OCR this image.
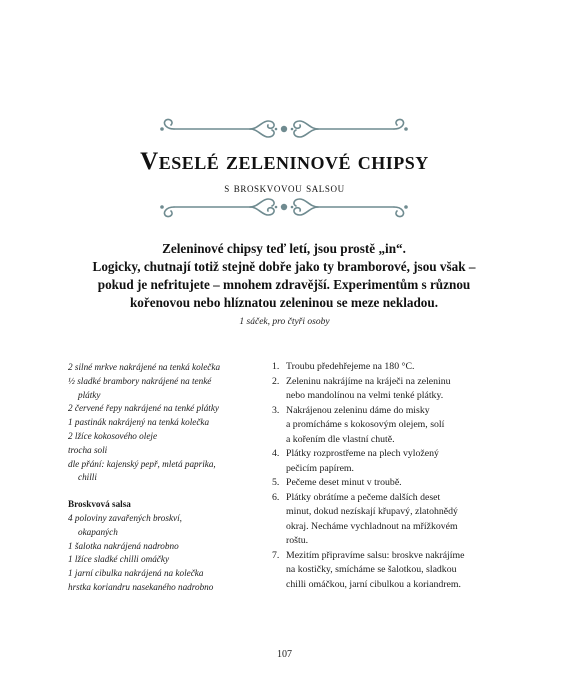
Veselé zeleninové chipsy
s broskvovou salsou
Zeleninové chipsy teď letí, jsou prostě „in“.
Logicky, chutnají totiž stejně dobře jako ty bramborové, jsou však –
pokud je nefritujete – mnohem zdravější. Experimentům s různou
kořenovou nebo hlíznatou zeleninou se meze nekladou.
1 sáček, pro čtyři osoby
2 silné mrkve nakrájené na tenká kolečka
½ sladké brambory nakrájené na tenké
plátky
2 červené řepy nakrájené na tenké plátky
1 pastinák nakrájený na tenká kolečka
2 lžíce kokosového oleje
trocha soli
dle přání: kajenský pepř, mletá paprika,
chilli
Broskvová salsa
4 poloviny zavařených broskví,
okapaných
1 šalotka nakrájená nadrobno
1 lžíce sladké chilli omáčky
1 jarní cibulka nakrájená na kolečka
hrstka koriandru nasekaného nadrobno
1. Troubu předehřejeme na 180 °C.
2. Zeleninu nakrájíme na kráječi na zeleninu
nebo mandolínou na velmi tenké plátky.
3. Nakrájenou zeleninu dáme do misky
a promícháme s kokosovým olejem, solí
a kořením dle vlastní chutě.
4. Plátky rozprostřeme na plech vyložený
pečicím papírem.
5. Pečeme deset minut v troubě.
6. Plátky obrátíme a pečeme dalších deset
minut, dokud nezískají křupavý, zlatohnědý
okraj. Necháme vychladnout na mřížkovém
roštu.
7. Mezitím připravíme salsu: broskve nakrájíme
na kostičky, smícháme se šalotkou, sladkou
chilli omáčkou, jarní cibulkou a koriandrem.
107
